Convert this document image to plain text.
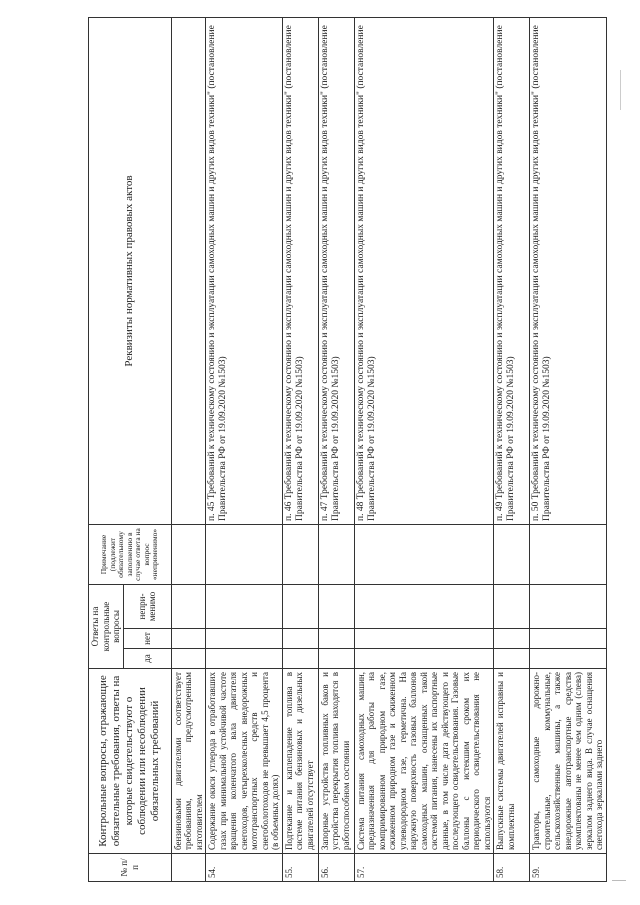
№ п/п	Контрольные вопросы, отражающие обязательные требования, ответы на которые свидетельствуют о соблюдении или несоблюдении обязательных требований	Ответы на контрольные вопросы			Примечание (подлежит обязательному заполнению в случае ответа на вопрос «неприменимо»	Реквизиты нормативных правовых актов
		да	нет	непри-менимо		
	бензиновыми двигателями соответствует требованиям, предусмотренным изготовителем					
54.	Содержание окиси углерода в отработавших газах при минимальной устойчивой частоте вращения коленчатого вала двигателя снегоходов, четырехколесных внедорожных мототранспортных средств и снегоболотоходов не превышает 4,5 процента (в объемных долях)					п. 45 Требований к техническому состоянию и эксплуатации самоходных машин и других видов техники" (постановление Правительства РФ от 19.09.2020 №1503)
55.	Подтекание и каплепадение топлива в системе питания бензиновых и дизельных двигателей отсутствует					п. 46 Требований к техническому состоянию и эксплуатации самоходных машин и других видов техники" (постановление Правительства РФ от 19.09.2020 №1503)
56.	Запорные устройства топливных баков и устройства перекрытия топлива находятся в работоспособном состоянии					п. 47 Требований к техническому состоянию и эксплуатации самоходных машин и других видов техники" (постановление Правительства РФ от 19.09.2020 №1503)
57.	Система питания самоходных машин, предназначенная для работы на компримированном природном газе, сжиженном природном газе и сжиженном углеводородном газе, герметична. На наружную поверхность газовых баллонов самоходных машин, оснащенных такой системой питания, нанесены их паспортные данные, в том числе дата действующего и последующего освидетельствования. Газовые баллоны с истекшим сроком их периодического освидетельствования не используются					п. 48 Требований к техническому состоянию и эксплуатации самоходных машин и других видов техники" (постановление Правительства РФ от 19.09.2020 №1503)
58.	Выпускные системы двигателей исправны и комплектны					п. 49 Требований к техническому состоянию и эксплуатации самоходных машин и других видов техники" (постановление Правительства РФ от 19.09.2020 №1503)
59.	Тракторы, самоходные дорожно-строительные, коммунальные, сельскохозяйственные машины, а также внедорожные автотранспортные средства укомплектованы не менее чем одним (слева) зеркалом заднего вида. В случае оснащения снегохода зеркалами заднего					п. 50 Требований к техническому состоянию и эксплуатации самоходных машин и других видов техники" (постановление Правительства РФ от 19.09.2020 №1503)
